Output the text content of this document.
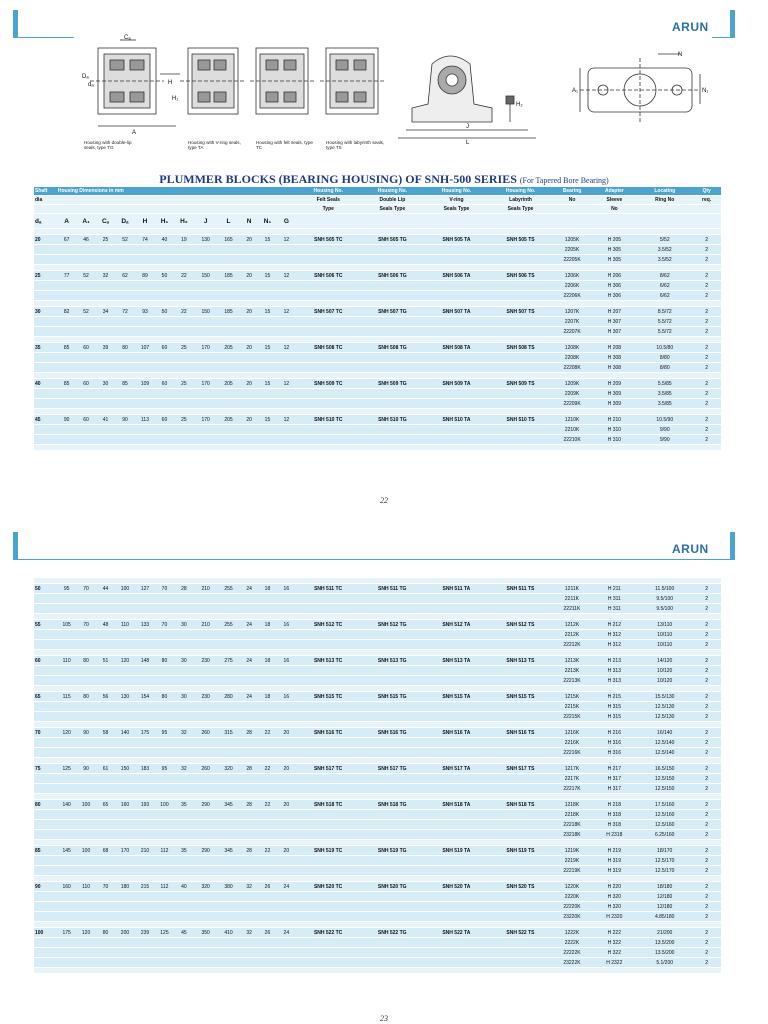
ARUN
Cₐ
Dₐ
dₐ	H
H₁
A
N
N₁
A₁
H₂
J
L
Housing with double-lip seals, type TG
Housing with V-ring seals, type TA
Housing with felt seals, type TC
Housing with labyrinth seals, type TS
PLUMMER BLOCKS (BEARING HOUSING) OF SNH-500 SERIES (For Tapered Bore Bearing)
Shaft	Housing Dimensions in mm												Housing No.	Housing No.	Housing No.	Housing No.	Bearing	Adapter	Locating	Qty
dia													Felt Seals	Double Lip	V-ring	Labyrinth	No	Sleeve	Ring No	req.
													Type	Seals Type	Seals Type	Seals Type		No		
dₐ	A	A₁	Cₐ	Dₐ	H	H₁	H₂	J	L	N	N₁	G								

20	67	46	25	52	74	40	19	130	165	20	15	12	SNH 505 TC	SNH 505 TG	SNH 505 TA	SNH 505 TS	1205K	H 205	5/52	2
																	2205K	H 305	3.5/52	2
																	22205K	H 305	3.5/52	2

25	77	52	32	62	89	50	22	150	185	20	15	12	SNH 506 TC	SNH 506 TG	SNH 506 TA	SNH 506 TS	1206K	H 206	8/62	2
																	2206K	H 306	6/62	2
																	22206K	H 306	6/62	2

30	82	52	34	72	93	50	22	150	185	20	15	12	SNH 507 TC	SNH 507 TG	SNH 507 TA	SNH 507 TS	1207K	H 207	8.5/72	2
																	2207K	H 307	5.5/72	2
																	22207K	H 307	5.5/72	2

35	85	60	39	80	107	60	25	170	205	20	15	12	SNH 508 TC	SNH 508 TG	SNH 508 TA	SNH 508 TS	1208K	H 208	10.5/80	2
																	2208K	H 308	8/80	2
																	22208K	H 308	8/80	2

40	85	60	30	85	109	60	25	170	205	20	15	12	SNH 509 TC	SNH 509 TG	SNH 509 TA	SNH 509 TS	1209K	H 209	5.5/85	2
																	2209K	H 309	3.5/85	2
																	22209K	H 309	3.5/85	2

45	90	60	41	90	113	60	25	170	205	20	15	12	SNH 510 TC	SNH 510 TG	SNH 510 TA	SNH 510 TS	1210K	H 210	10.5/90	2
																	2210K	H 310	9/90	2
																	22210K	H 310	9/90	2

22
ARUN

50	95	70	44	100	127	70	28	210	255	24	18	16	SNH 511 TC	SNH 511 TG	SNH 511 TA	SNH 511 TS	1211K	H 211	11.5/100	2
																	2211K	H 311	9.5/100	2
																	22211K	H 311	9.5/100	2

55	105	70	48	110	133	70	30	210	255	24	18	16	SNH 512 TC	SNH 512 TG	SNH 512 TA	SNH 512 TS	1212K	H 212	13/110	2
																	2212K	H 312	10/110	2
																	22212K	H 312	10/110	2

60	110	80	51	120	148	80	30	230	275	24	18	16	SNH 513 TC	SNH 513 TG	SNH 513 TA	SNH 513 TS	1213K	H 213	14/120	2
																	2213K	H 313	10/120	2
																	22213K	H 313	10/120	2

65	115	80	56	130	154	80	30	230	280	24	18	16	SNH 515 TC	SNH 515 TG	SNH 515 TA	SNH 515 TS	1215K	H 215	15.5/130	2
																	2215K	H 315	12.5/130	2
																	22215K	H 315	12.5/130	2

70	120	90	58	140	175	95	32	260	315	28	22	20	SNH 516 TC	SNH 516 TG	SNH 516 TA	SNH 516 TS	1216K	H 216	16/140	2
																	2216K	H 316	12.5/140	2
																	22216K	H 316	12.5/140	2

75	125	90	61	150	183	95	32	260	320	28	22	20	SNH 517 TC	SNH 517 TG	SNH 517 TA	SNH 517 TS	1217K	H 217	16.5/150	2
																	2217K	H 317	12.5/150	2
																	22217K	H 317	12.5/150	2

80	140	100	65	160	193	100	35	290	345	28	22	20	SNH 518 TC	SNH 518 TG	SNH 518 TA	SNH 518 TS	1218K	H 218	17.5/160	2
																	2218K	H 318	12.5/160	2
																	22218K	H 318	12.5/160	2
																	23218K	H 2318	6.25/160	2

85	145	100	68	170	210	112	35	290	345	28	22	20	SNH 519 TC	SNH 519 TG	SNH 519 TA	SNH 519 TS	1219K	H 219	18/170	2
																	2219K	H 319	12.5/170	2
																	22219K	H 319	12.5/170	2

90	160	110	70	180	215	112	40	320	380	32	26	24	SNH 520 TC	SNH 520 TG	SNH 520 TA	SNH 520 TS	1220K	H 220	18/180	2
																	2220K	H 320	12/180	2
																	22220K	H 320	12/180	2
																	23220K	H 2320	4.85/180	2

100	175	120	80	200	239	125	45	350	410	32	26	24	SNH 522 TC	SNH 522 TG	SNH 522 TA	SNH 522 TS	1222K	H 222	21/200	2
																	2222K	H 322	13.5/200	2
																	22222K	H 322	13.5/200	2
																	23222K	H 2322	5.1/200	2

23
